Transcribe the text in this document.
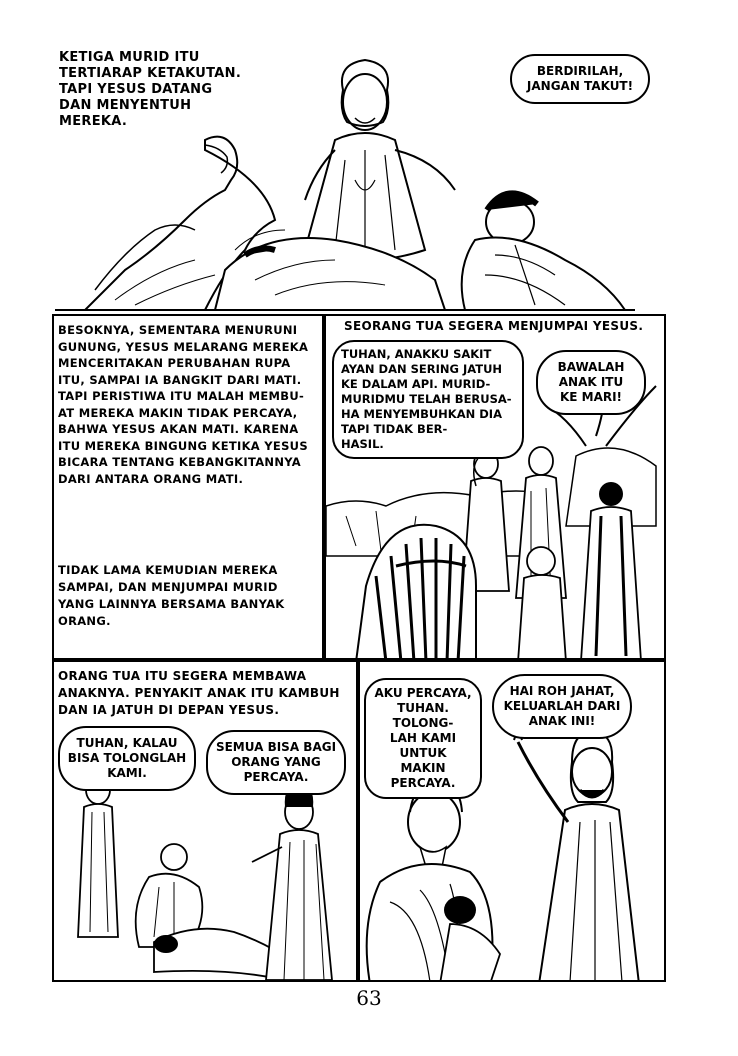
KETIGA MURID ITU
TERTIARAP KETAKUTAN.
TAPI YESUS DATANG
DAN MENYENTUH
MEREKA.

BERDIRILAH,
JANGAN TAKUT!

BESOKNYA, SEMENTARA MENURUNI
GUNUNG, YESUS MELARANG MEREKA
MENCERITAKAN PERUBAHAN RUPA
ITU, SAMPAI IA BANGKIT DARI MATI.
TAPI PERISTIWA ITU MALAH MEMBU-
AT MEREKA MAKIN TIDAK PERCAYA,
BAHWA YESUS AKAN MATI. KARENA
ITU MEREKA BINGUNG KETIKA YESUS
BICARA TENTANG KEBANGKITANNYA
DARI ANTARA ORANG MATI.

TIDAK LAMA KEMUDIAN MEREKA
SAMPAI, DAN MENJUMPAI MURID
YANG LAINNYA BERSAMA BANYAK
ORANG.

SEORANG TUA SEGERA MENJUMPAI YESUS.

TUHAN, ANAKKU SAKIT
AYAN DAN SERING JATUH
KE DALAM API. MURID-
MURIDMU TELAH BERUSA-
HA MENYEMBUHKAN DIA
TAPI TIDAK BER-
HASIL.
BAWALAH
ANAK ITU
KE MARI!

ORANG TUA ITU SEGERA MEMBAWA
ANAKNYA. PENYAKIT ANAK ITU KAMBUH
DAN IA JATUH DI DEPAN YESUS.

TUHAN, KALAU
BISA TOLONGLAH
KAMI.
SEMUA BISA BAGI
ORANG YANG
PERCAYA.
AKU PERCAYA,
TUHAN. TOLONG-
LAH KAMI UNTUK
MAKIN PERCAYA.
HAI ROH JAHAT,
KELUARLAH DARI
ANAK INI!
63
